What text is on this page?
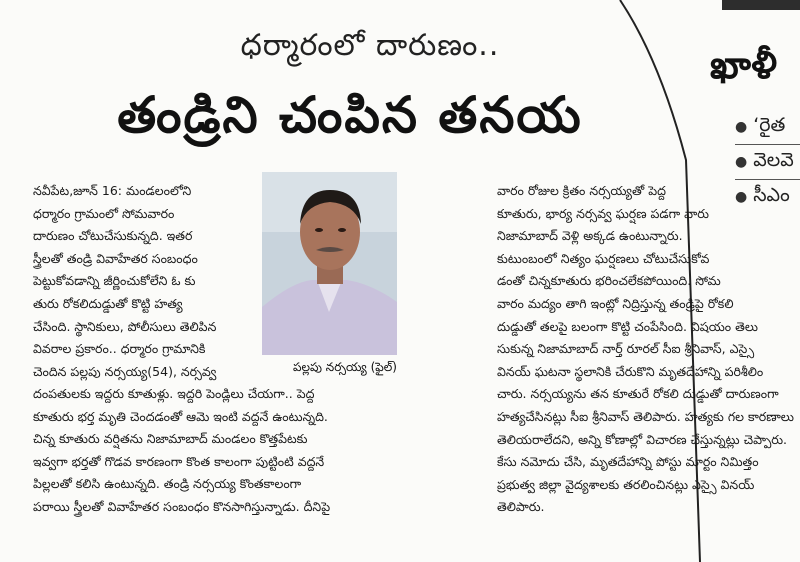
ధర్మారంలో దారుణం..
తండ్రిని చంపిన తనయ
ఖాళీ
● ‘రైత
● వెలవె
● సీఎం
నవీపేట,జూన్ 16: మండలంలోని
ధర్మారం గ్రామంలో సోమవారం
దారుణం చోటుచేసుకున్నది. ఇతర
స్త్రీలతో తండ్రి వివాహేతర సంబంధం
పెట్టుకోవడాన్ని జీర్ణించుకోలేని ఓ కు
తురు రోకలిదుడ్డుతో కొట్టి హత్య
చేసింది. స్థానికులు, పోలీసులు తెలిపిన
వివరాల ప్రకారం.. ధర్మారం గ్రామానికి
చెందిన పల్లపు నర్సయ్య(54), నర్సవ్వ	పల్లపు నర్సయ్య (ఫైల్)
దంపతులకు ఇద్దరు కూతుళ్లు. ఇద్దరి పెండ్లిలు చేయగా.. పెద్ద
కూతురు భర్త మృతి చెందడంతో ఆమె ఇంటి వద్దనే ఉంటున్నది.
చిన్న కూతురు వర్షితను నిజామాబాద్ మండలం కొత్తపేటకు
ఇవ్వగా భర్తతో గొడవ కారణంగా కొంత కాలంగా పుట్టింటి వద్దనే
పిల్లలతో కలిసి ఉంటున్నది. తండ్రి నర్సయ్య కొంతకాలంగా
పరాయి స్త్రీలతో వివాహేతర సంబంధం కొనసాగిస్తున్నాడు. దీనిపై
వారం రోజుల క్రితం నర్సయ్యతో పెద్ద
కూతురు, భార్య నర్సవ్వ ఘర్షణ పడగా వారు
నిజామాబాద్ వెళ్లి అక్కడ ఉంటున్నారు.
కుటుంబంలో నిత్యం ఘర్షణలు చోటుచేసుకోవ
డంతో చిన్నకూతురు భరించలేకపోయింది. సోమ
వారం మద్యం తాగి ఇంట్లో నిద్రిస్తున్న తండ్రిపై రోకలి
దుడ్డుతో తలపై బలంగా కొట్టి చంపేసింది. విషయం తెలు
సుకున్న నిజామాబాద్ నార్త్ రూరల్ సీఐ శ్రీనివాస్, ఎస్సై
వినయ్ ఘటనా స్థలానికి చేరుకొని మృతదేహాన్ని పరిశీలిం
చారు. నర్సయ్యను తన కూతురే రోకలి దుడ్డుతో దారుణంగా
హత్యచేసినట్లు సీఐ శ్రీనివాస్ తెలిపారు. హత్యకు గల కారణాలు
తెలియరాలేదని, అన్ని కోణాల్లో విచారణ చేస్తున్నట్లు చెప్పారు.
కేసు నమోదు చేసి, మృతదేహాన్ని పోస్టు మార్టం నిమిత్తం
ప్రభుత్వ జిల్లా వైద్యశాలకు తరలించినట్లు ఎస్సై వినయ్
తెలిపారు.
